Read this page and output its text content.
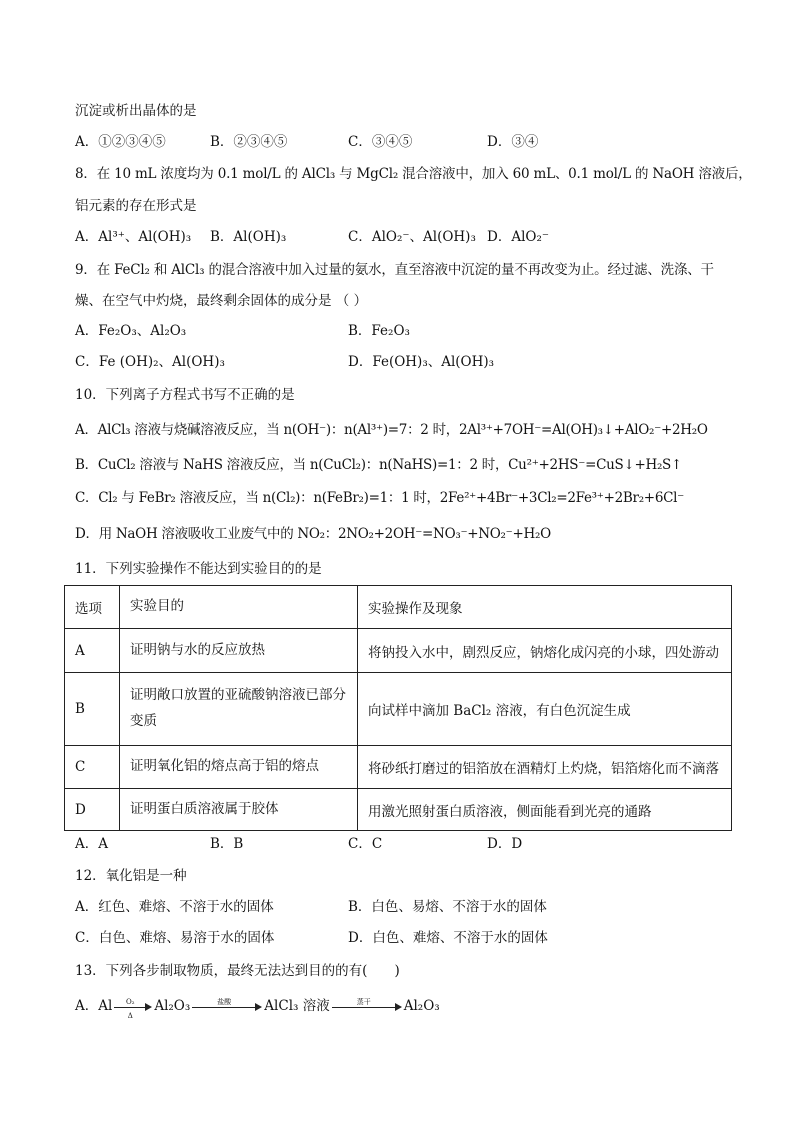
沉淀或析出晶体的是
A．①②③④⑤	B．②③④⑤	C．③④⑤	D．③④
8．在 10 mL 浓度均为 0.1 mol/L 的 AlCl₃ 与 MgCl₂ 混合溶液中，加入 60 mL、0.1 mol/L 的 NaOH 溶液后，
铝元素的存在形式是
A．Al³⁺、Al(OH)₃ B．Al(OH)₃	C．AlO₂⁻、Al(OH)₃ D．AlO₂⁻
9．在 FeCl₂ 和 AlCl₃ 的混合溶液中加入过量的氨水，直至溶液中沉淀的量不再改变为止。经过滤、洗涤、干
燥、在空气中灼烧，最终剩余固体的成分是 （ ）
A．Fe₂O₃、Al₂O₃	B．Fe₂O₃
C．Fe (OH)₂、Al(OH)₃	D．Fe(OH)₃、Al(OH)₃
10．下列离子方程式书写不正确的是
A．AlCl₃ 溶液与烧碱溶液反应，当 n(OH⁻)：n(Al³⁺)=7：2 时，2Al³⁺+7OH⁻=Al(OH)₃↓+AlO₂⁻+2H₂O
B．CuCl₂ 溶液与 NaHS 溶液反应，当 n(CuCl₂)：n(NaHS)=1：2 时，Cu²⁺+2HS⁻=CuS↓+H₂S↑
C．Cl₂ 与 FeBr₂ 溶液反应，当 n(Cl₂)：n(FeBr₂)=1：1 时，2Fe²⁺+4Br⁻+3Cl₂=2Fe³⁺+2Br₂+6Cl⁻
D．用 NaOH 溶液吸收工业废气中的 NO₂：2NO₂+2OH⁻=NO₃⁻+NO₂⁻+H₂O
11．下列实验操作不能达到实验目的的是
选项	实验目的	实验操作及现象
A	证明钠与水的反应放热	将钠投入水中，剧烈反应，钠熔化成闪亮的小球，四处游动
B	证明敞口放置的亚硫酸钠溶液已部分变质	向试样中滴加 BaCl₂ 溶液，有白色沉淀生成
C	证明氧化铝的熔点高于铝的熔点	将砂纸打磨过的铝箔放在酒精灯上灼烧，铝箔熔化而不滴落
D	证明蛋白质溶液属于胶体	用激光照射蛋白质溶液，侧面能看到光亮的通路
A．A	B．B	C．C	D．D
12．氧化铝是一种
A．红色、难熔、不溶于水的固体	B．白色、易熔、不溶于水的固体
C．白色、难熔、易溶于水的固体	D．白色、难熔、不溶于水的固体
13．下列各步制取物质，最终无法达到目的的有(　　)
A．Al $\frac{\text{O₂}}{\Delta} Al_2O_3$	盐酸	AlCl₃ 溶液	蒸干	Al₂O₃
